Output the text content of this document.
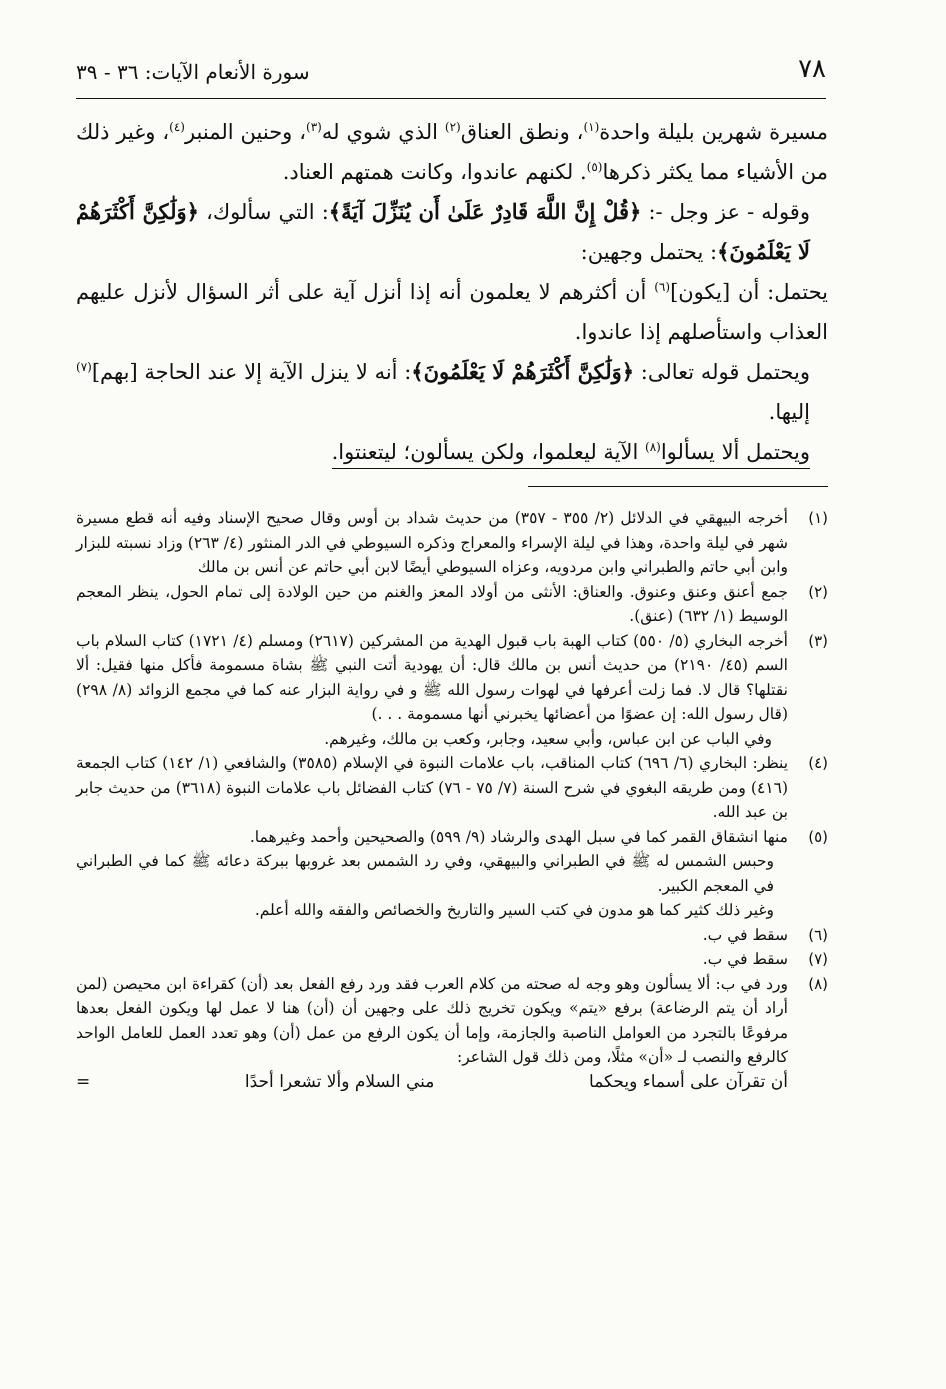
٧٨
سورة الأنعام الآيات: ٣٦ - ٣٩

مسيرة شهرين بليلة واحدة$^{(١)}$، ونطق العناق$^{(٢)}$ الذي شوي له$^{(٣)}$، وحنين المنبر$^{(٤)}$، وغير ذلك من الأشياء مما يكثر ذكرها$^{(٥)}$. لكنهم عاندوا، وكانت همتهم العناد.

وقوله - عز وجل -: ﴿قُلْ إِنَّ اللَّهَ قَادِرٌ عَلَىٰ أَن يُنَزِّلَ آيَةً﴾: التي سألوك، ﴿وَلَٰكِنَّ أَكْثَرَهُمْ لَا يَعْلَمُونَ﴾: يحتمل وجهين:

يحتمل: أن [يكون]$^{(٦)}$ أن أكثرهم لا يعلمون أنه إذا أنزل آية على أثر السؤال لأنزل عليهم العذاب واستأصلهم إذا عاندوا.

ويحتمل قوله تعالى: ﴿وَلَٰكِنَّ أَكْثَرَهُمْ لَا يَعْلَمُونَ﴾: أنه لا ينزل الآية إلا عند الحاجة [بهم]$^{(٧)}$ إليها.

ويحتمل ألا يسألوا$^{(٨)}$ الآية ليعلموا، ولكن يسألون؛ ليتعنتوا.

(١)
أخرجه البيهقي في الدلائل (٢/ ٣٥٥ - ٣٥٧) من حديث شداد بن أوس وقال صحيح الإسناد وفيه أنه قطع مسيرة شهر في ليلة واحدة، وهذا في ليلة الإسراء والمعراج وذكره السيوطي في الدر المنثور (٤/ ٢٦٣) وزاد نسبته للبزار وابن أبي حاتم والطبراني وابن مردويه، وعزاه السيوطي أيضًا لابن أبي حاتم عن أنس بن مالك
(٢)
جمع أعنق وعنق وعنوق. والعناق: الأنثى من أولاد المعز والغنم من حين الولادة إلى تمام الحول، ينظر المعجم الوسيط (١/ ٦٣٢) (عنق).
(٣)

أخرجه البخاري (٥/ ٥٥٠) كتاب الهبة باب قبول الهدية من المشركين (٢٦١٧) ومسلم (٤/ ١٧٢١) كتاب السلام باب السم (٤٥/ ٢١٩٠) من حديث أنس بن مالك قال: أن يهودية أتت النبي ﷺ بشاة مسمومة فأكل منها فقيل: ألا نقتلها؟ قال لا. فما زلت أعرفها في لهوات رسول الله ﷺ و في رواية البزار عنه كما في مجمع الزوائد (٨/ ٢٩٨) (قال رسول الله: إن عضوًا من أعضائها يخبرني أنها مسمومة . . .)

وفي الباب عن ابن عباس، وأبي سعيد، وجابر، وكعب بن مالك، وغيرهم.
(٤)
ينظر: البخاري (٦/ ٦٩٦) كتاب المناقب، باب علامات النبوة في الإسلام (٣٥٨٥) والشافعي (١/ ١٤٢) كتاب الجمعة (٤١٦) ومن طريقه البغوي في شرح السنة (٧/ ٧٥ - ٧٦) كتاب الفضائل باب علامات النبوة (٣٦١٨) من حديث جابر بن عبد الله.
(٥)

منها انشقاق القمر كما في سبل الهدى والرشاد (٩/ ٥٩٩) والصحيحين وأحمد وغيرهما.

وحبس الشمس له ﷺ في الطبراني والبيهقي، وفي رد الشمس بعد غروبها ببركة دعائه ﷺ كما في الطبراني في المعجم الكبير.

وغير ذلك كثير كما هو مدون في كتب السير والتاريخ والخصائص والفقه والله أعلم.

(٦)
سقط في ب.
(٧)
سقط في ب.
(٨)
ورد في ب: ألا يسألون وهو وجه له صحته من كلام العرب فقد ورد رفع الفعل بعد (أن) كقراءة ابن محيصن (لمن أراد أن يتم الرضاعة) برفع «يتم» ويكون تخريج ذلك على وجهين أن (أن) هنا لا عمل لها ويكون الفعل بعدها مرفوعًا بالتجرد من العوامل الناصبة والجازمة، وإما أن يكون الرفع من عمل (أن) وهو تعدد العمل للعامل الواحد كالرفع والنصب لـ «أن» مثلًا، ومن ذلك قول الشاعر:
أن تقرآن على أسماء ويحكما
مني السلام وألا تشعرا أحدًا
=
